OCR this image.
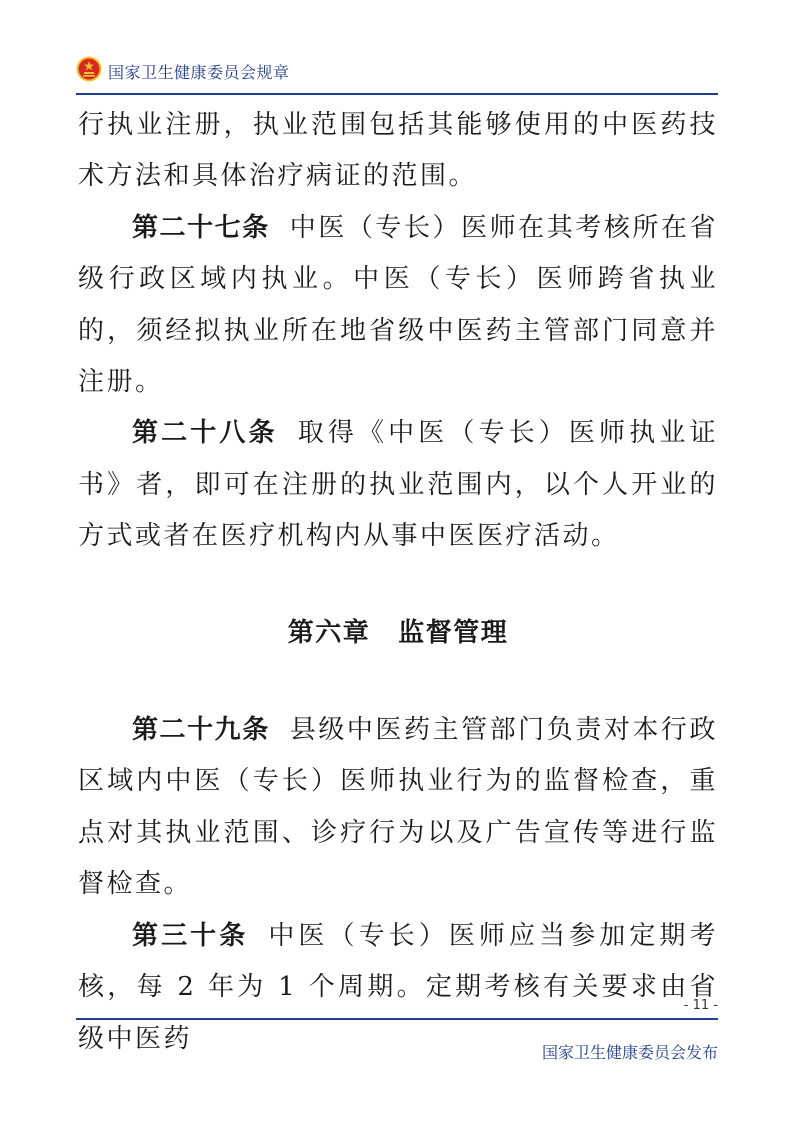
国家卫生健康委员会规章

行执业注册，执业范围包括其能够使用的中医药技术方法和具体治疗病证的范围。

第二十七条 中医（专长）医师在其考核所在省级行政区域内执业。中医（专长）医师跨省执业的，须经拟执业所在地省级中医药主管部门同意并注册。

第二十八条 取得《中医（专长）医师执业证书》者，即可在注册的执业范围内，以个人开业的方式或者在医疗机构内从事中医医疗活动。

第六章 监督管理

第二十九条 县级中医药主管部门负责对本行政区域内中医（专长）医师执业行为的监督检查，重点对其执业范围、诊疗行为以及广告宣传等进行监督检查。

第三十条 中医（专长）医师应当参加定期考核，每 2 年为 1 个周期。定期考核有关要求由省级中医药

- 11 -
国家卫生健康委员会发布
